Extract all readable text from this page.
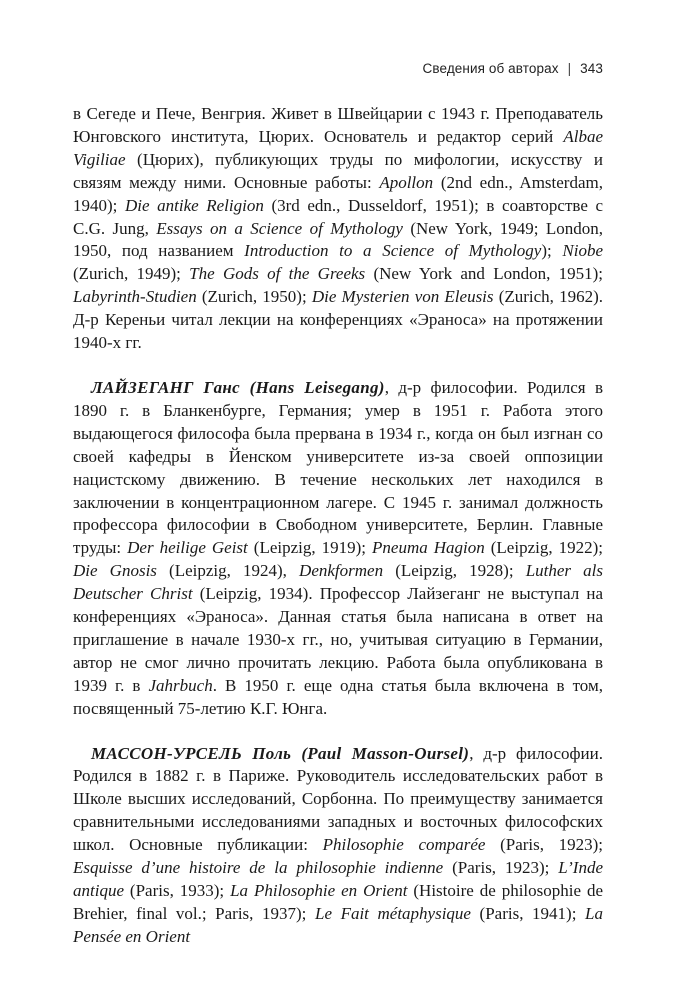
Сведения об авторах | 343

в Сегеде и Пече, Венгрия. Живет в Швейцарии с 1943 г. Преподаватель Юнговского института, Цюрих. Основатель и редактор серий Albae Vigiliae (Цюрих), публикующих труды по мифологии, искусству и связям между ними. Основные работы: Apollon (2nd edn., Amsterdam, 1940); Die antike Religion (3rd edn., Dusseldorf, 1951); в соавторстве с C.G. Jung, Essays on a Science of Mythology (New York, 1949; London, 1950, под названием Introduction to a Science of Mythology); Niobe (Zurich, 1949); The Gods of the Greeks (New York and London, 1951); Labyrinth-Studien (Zurich, 1950); Die Mysterien von Eleusis (Zurich, 1962). Д-р Кереньи читал лекции на конференциях «Эраноса» на протяжении 1940-х гг.

ЛАЙЗЕГАНГ Ганс (Hans Leisegang), д-р философии. Родился в 1890 г. в Бланкенбурге, Германия; умер в 1951 г. Работа этого выдающегося философа была прервана в 1934 г., когда он был изгнан со своей кафедры в Йенском университете из-за своей оппозиции нацистскому движению. В течение нескольких лет находился в заключении в концентрационном лагере. С 1945 г. занимал должность профессора философии в Свободном университете, Берлин. Главные труды: Der heilige Geist (Leipzig, 1919); Pneuma Hagion (Leipzig, 1922); Die Gnosis (Leipzig, 1924), Denkformen (Leipzig, 1928); Luther als Deutscher Christ (Leipzig, 1934). Профессор Лайзеганг не выступал на конференциях «Эраноса». Данная статья была написана в ответ на приглашение в начале 1930-х гг., но, учитывая ситуацию в Германии, автор не смог лично прочитать лекцию. Работа была опубликована в 1939 г. в Jahrbuch. В 1950 г. еще одна статья была включена в том, посвященный 75-летию К.Г. Юнга.

МАССОН-УРСЕЛЬ Поль (Paul Masson-Oursel), д-р философии. Родился в 1882 г. в Париже. Руководитель исследовательских работ в Школе высших исследований, Сорбонна. По преимуществу занимается сравнительными исследованиями западных и восточных философских школ. Основные публикации: Philosophie comparée (Paris, 1923); Esquisse d’une histoire de la philosophie indienne (Paris, 1923); L’Inde antique (Paris, 1933); La Philosophie en Orient (Histoire de philosophie de Brehier, final vol.; Paris, 1937); Le Fait métaphysique (Paris, 1941); La Pensée en Orient
